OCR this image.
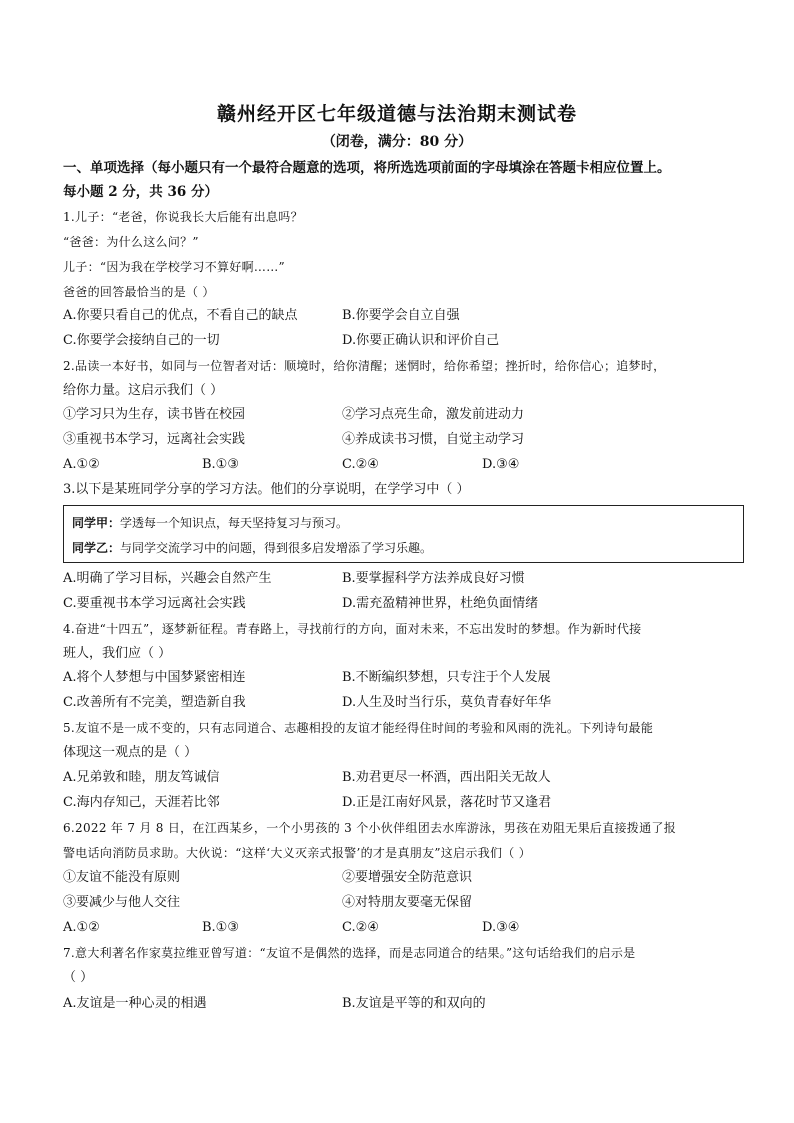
赣州经开区七年级道德与法治期末测试卷
（闭卷，满分：80 分）
一、单项选择（每小题只有一个最符合题意的选项，将所选选项前面的字母填涂在答题卡相应位置上。
每小题 2 分，共 36 分）
1.儿子：“老爸，你说我长大后能有出息吗？
“爸爸：为什么这么问？”
儿子：“因为我在学校学习不算好啊……”
爸爸的回答最恰当的是（ ）
A.你要只看自己的优点，不看自己的缺点	B.你要学会自立自强
C.你要学会接纳自己的一切	D.你要正确认识和评价自己
2.品读一本好书，如同与一位智者对话：顺境时，给你清醒；迷惘时，给你希望；挫折时，给你信心；追梦时，
给你力量。这启示我们（ ）
①学习只为生存，读书皆在校园	②学习点亮生命，激发前进动力
③重视书本学习，远离社会实践	④养成读书习惯，自觉主动学习
A.①②	B.①③	C.②④	D.③④
3.以下是某班同学分享的学习方法。他们的分享说明，在学学习中（ ）
同学甲：学透每一个知识点，每天坚持复习与预习。
同学乙：与同学交流学习中的问题，得到很多启发增添了学习乐趣。
A.明确了学习目标，兴趣会自然产生	B.要掌握科学方法养成良好习惯
C.要重视书本学习远离社会实践	D.需充盈精神世界，杜绝负面情绪
4.奋进“十四五”，逐梦新征程。青春路上，寻找前行的方向，面对未来，不忘出发时的梦想。作为新时代接
班人，我们应（ ）
A.将个人梦想与中国梦紧密相连	B.不断编织梦想，只专注于个人发展
C.改善所有不完美，塑造新自我	D.人生及时当行乐，莫负青春好年华
5.友谊不是一成不变的，只有志同道合、志趣相投的友谊才能经得住时间的考验和风雨的洗礼。下列诗句最能
体现这一观点的是（ ）
A.兄弟敦和睦，朋友笃诚信	B.劝君更尽一杯酒，西出阳关无故人
C.海内存知己，天涯若比邻	D.正是江南好风景，落花时节又逢君
6.2022 年 7 月 8 日，在江西某乡，一个小男孩的 3 个小伙伴组团去水库游泳，男孩在劝阻无果后直接拨通了报
警电话向消防员求助。大伙说：“这样‘大义灭亲式报警’的才是真朋友”这启示我们（ ）
①友谊不能没有原则	②要增强安全防范意识
③要减少与他人交往	④对特朋友要毫无保留
A.①②	B.①③	C.②④	D.③④
7.意大利著名作家莫拉维亚曾写道：“友谊不是偶然的选择，而是志同道合的结果。”这句话给我们的启示是
（ ）
A.友谊是一种心灵的相遇	B.友谊是平等的和双向的
